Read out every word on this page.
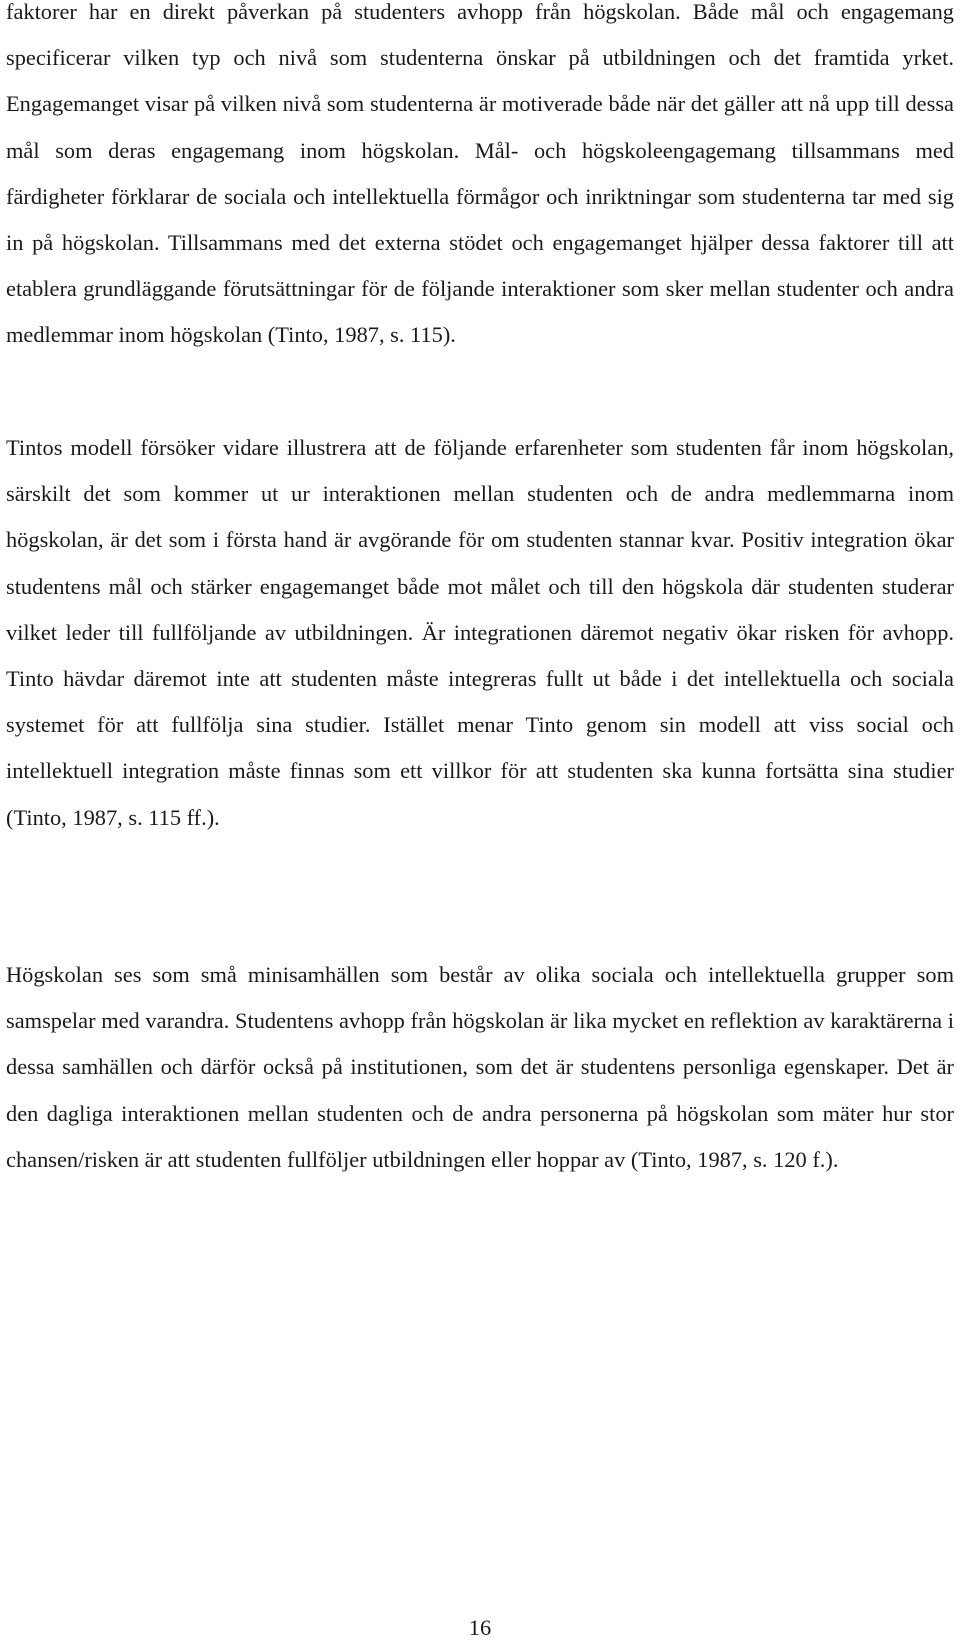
faktorer har en direkt påverkan på studenters avhopp från högskolan. Både mål och engagemang specificerar vilken typ och nivå som studenterna önskar på utbildningen och det framtida yrket. Engagemanget visar på vilken nivå som studenterna är motiverade både när det gäller att nå upp till dessa mål som deras engagemang inom högskolan. Mål- och högskoleengagemang tillsammans med färdigheter förklarar de sociala och intellektuella förmågor och inriktningar som studenterna tar med sig in på högskolan. Tillsammans med det externa stödet och engagemanget hjälper dessa faktorer till att etablera grundläggande förutsättningar för de följande interaktioner som sker mellan studenter och andra medlemmar inom högskolan (Tinto, 1987, s. 115).

Tintos modell försöker vidare illustrera att de följande erfarenheter som studenten får inom högskolan, särskilt det som kommer ut ur interaktionen mellan studenten och de andra medlemmarna inom högskolan, är det som i första hand är avgörande för om studenten stannar kvar. Positiv integration ökar studentens mål och stärker engagemanget både mot målet och till den högskola där studenten studerar vilket leder till fullföljande av utbildningen. Är integrationen däremot negativ ökar risken för avhopp. Tinto hävdar däremot inte att studenten måste integreras fullt ut både i det intellektuella och sociala systemet för att fullfölja sina studier. Istället menar Tinto genom sin modell att viss social och intellektuell integration måste finnas som ett villkor för att studenten ska kunna fortsätta sina studier (Tinto, 1987, s. 115 ff.).

Högskolan ses som små minisamhällen som består av olika sociala och intellektuella grupper som samspelar med varandra. Studentens avhopp från högskolan är lika mycket en reflektion av karaktärerna i dessa samhällen och därför också på institutionen, som det är studentens personliga egenskaper. Det är den dagliga interaktionen mellan studenten och de andra personerna på högskolan som mäter hur stor chansen/risken är att studenten fullföljer utbildningen eller hoppar av (Tinto, 1987, s. 120 f.).

16
